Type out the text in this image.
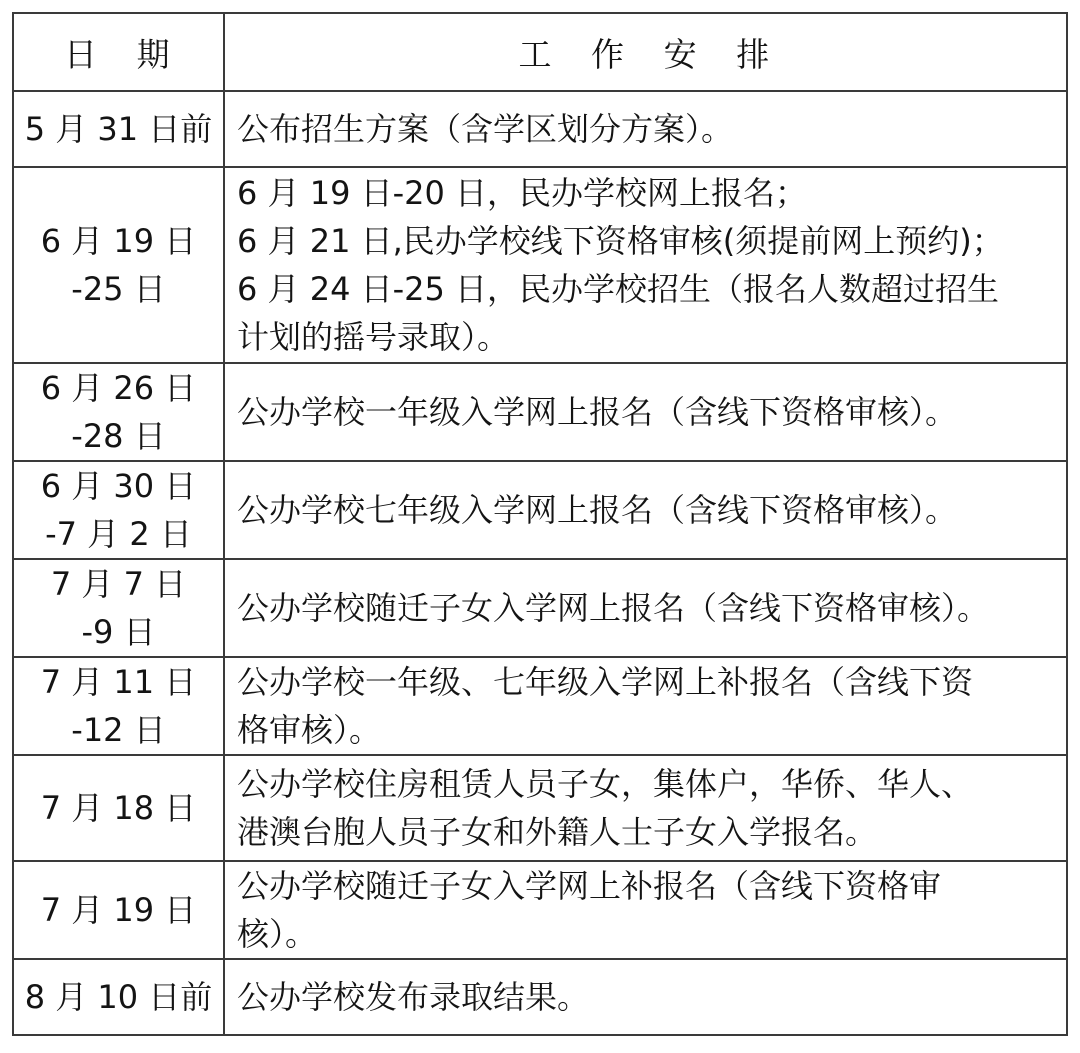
日　期	工　作　安　排
5 月 31 日前	公布招生方案（含学区划分方案）。

6 月 19 日
-25 日	6 月 19 日-20 日，民办学校网上报名；
6 月 21 日,民办学校线下资格审核(须提前网上预约)；
6 月 24 日-25 日，民办学校招生（报名人数超过招生
计划的摇号录取）。

6 月 26 日
-28 日	公办学校一年级入学网上报名（含线下资格审核）。

6 月 30 日
-7 月 2 日	公办学校七年级入学网上报名（含线下资格审核）。

7 月 7 日
-9 日	公办学校随迁子女入学网上报名（含线下资格审核）。

7 月 11 日
-12 日	公办学校一年级、七年级入学网上补报名（含线下资
格审核）。

7 月 18 日	公办学校住房租赁人员子女，集体户，华侨、华人、
港澳台胞人员子女和外籍人士子女入学报名。

7 月 19 日	公办学校随迁子女入学网上补报名（含线下资格审
核）。

8 月 10 日前	公办学校发布录取结果。
